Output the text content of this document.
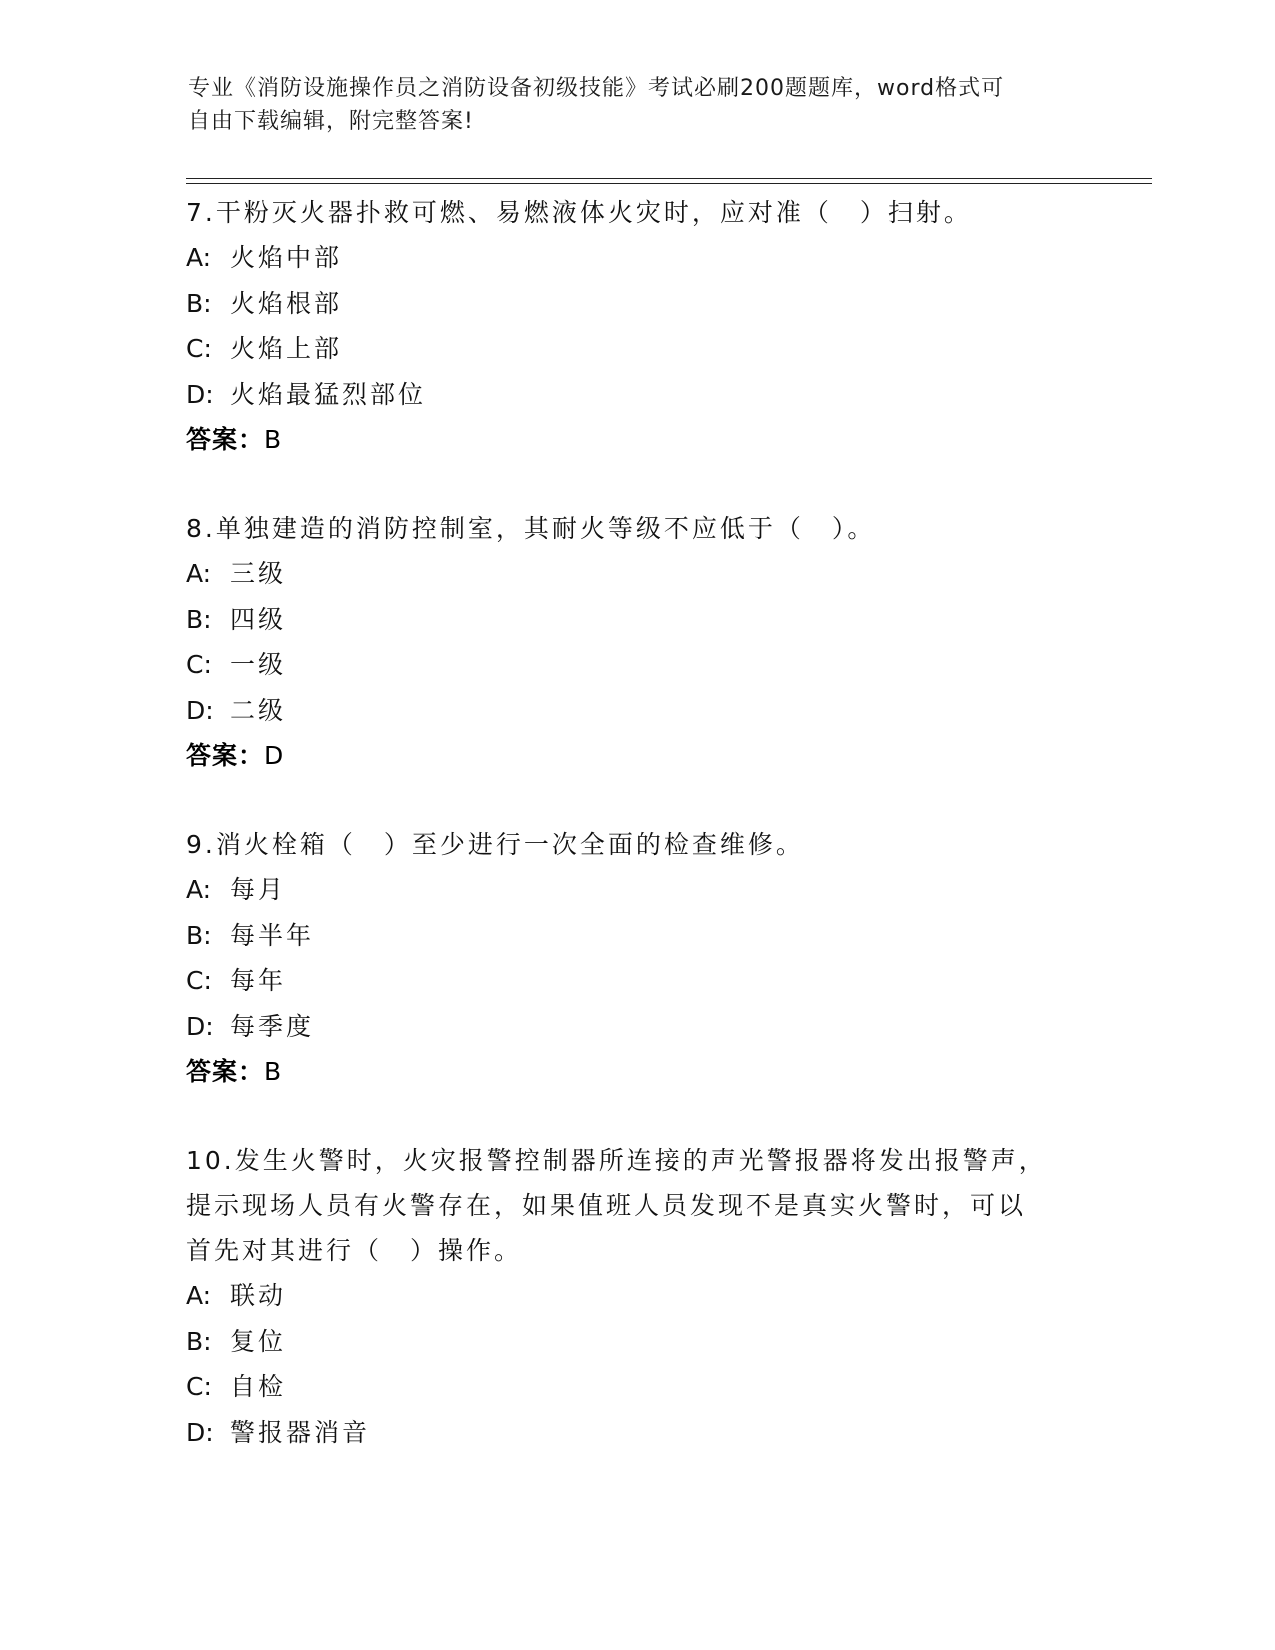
专业《消防设施操作员之消防设备初级技能》考试必刷200题题库，word格式可
自由下载编辑，附完整答案!
7.干粉灭火器扑救可燃、易燃液体火灾时，应对准（　）扫射。
A: 火焰中部
B: 火焰根部
C: 火焰上部
D: 火焰最猛烈部位
答案：B
8.单独建造的消防控制室，其耐火等级不应低于（　）。
A: 三级
B: 四级
C: 一级
D: 二级
答案：D
9.消火栓箱（　）至少进行一次全面的检查维修。
A: 每月
B: 每半年
C: 每年
D: 每季度
答案：B
10.发生火警时，火灾报警控制器所连接的声光警报器将发出报警声，
提示现场人员有火警存在，如果值班人员发现不是真实火警时，可以
首先对其进行（　）操作。
A: 联动
B: 复位
C: 自检
D: 警报器消音
